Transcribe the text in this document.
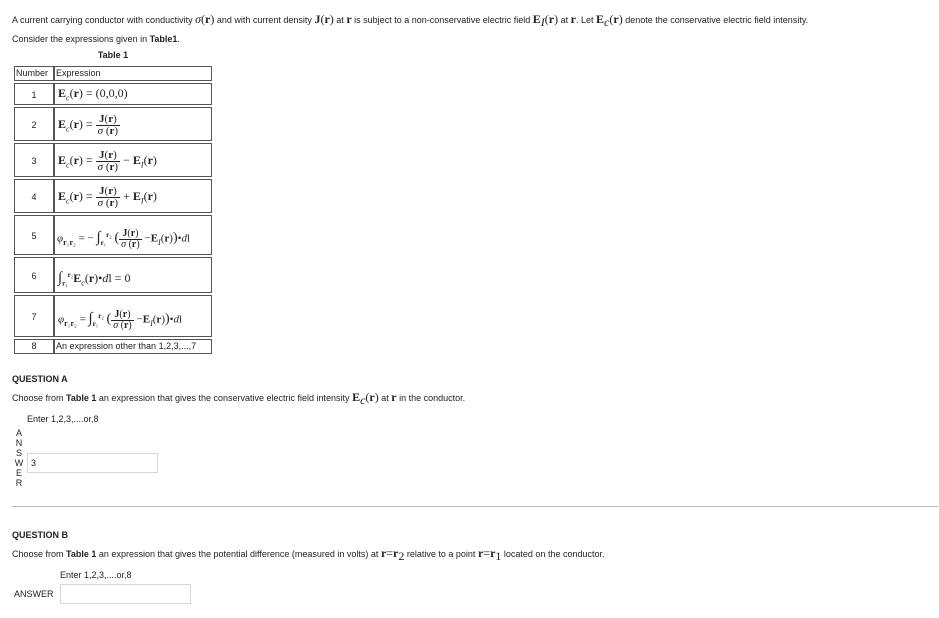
A current carrying conductor with conductivity σ(r) and with current density J(r) at r is subject to a non-conservative electric field $E_I(r)$ at r. Let $E_c(r)$ denote the conservative electric field intensity.
Consider the expressions given in Table1.
Table 1
Number Expression
1	$E_c(r) = (0,0,0)$
2	$E_c(r) = \frac{J(r)}{\sigma (r)}$
3	$E_c(r) = \frac{J(r)}{\sigma (r)} - E_I(r)$
4	$E_c(r) = \frac{J(r)}{\sigma (r)} + E_I(r)$
5	$\varphi_{r_1r_2}$ = − $\int_{r_1}^{r_2}$ ( $\frac{J(r)}{\sigma (r)}$ $-E_I(r))•dl$
6	$\int_{r_1}^{r_2}E_c(r)•dl = 0$
7	$\varphi_{r_1r_2} = \int_{r_1}^{r_2}$ ( $\frac{J(r)}{\sigma (r)}$ $-E_I(r))•dl$
8	An expression other than 1,2,3,...,7
QUESTION A
Choose from Table 1 an expression that gives the conservative electric field intensity $E_c(r)$ at r in the conductor.
Enter 1,2,3,....or,8
A
N
S
W
E
R
3
QUESTION B
Choose from Table 1 an expression that gives the potential difference (measured in volts) at $r=r_2$ relative to a point $r=r_1$ located on the conductor.
Enter 1,2,3,....or,8
ANSWER
